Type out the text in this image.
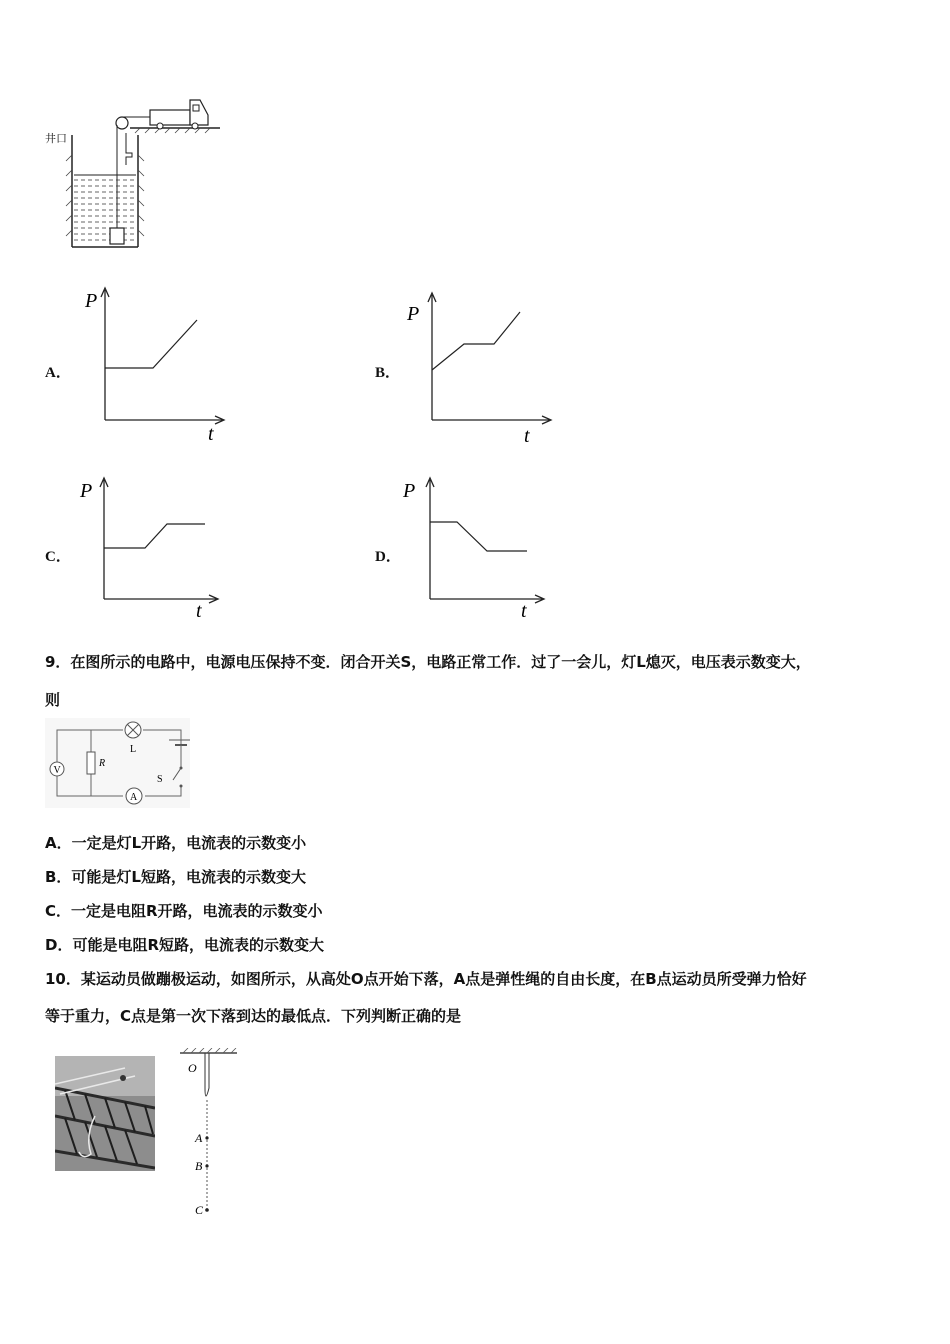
井口
A．
P
t
B．
P
t
C．
P
t
D．
P
t
9．在图所示的电路中，电源电压保持不变．闭合开关S，电路正常工作．过了一会儿，灯L熄灭，电压表示数变大，
则
V
R
L
S
A
A．一定是灯L开路，电流表的示数变小
B．可能是灯L短路，电流表的示数变大
C．一定是电阻R开路，电流表的示数变小
D．可能是电阻R短路，电流表的示数变大
10．某运动员做蹦极运动，如图所示，从高处O点开始下落，A点是弹性绳的自由长度，在B点运动员所受弹力恰好
等于重力，C点是第一次下落到达的最低点．下列判断正确的是
O
A
B
C
